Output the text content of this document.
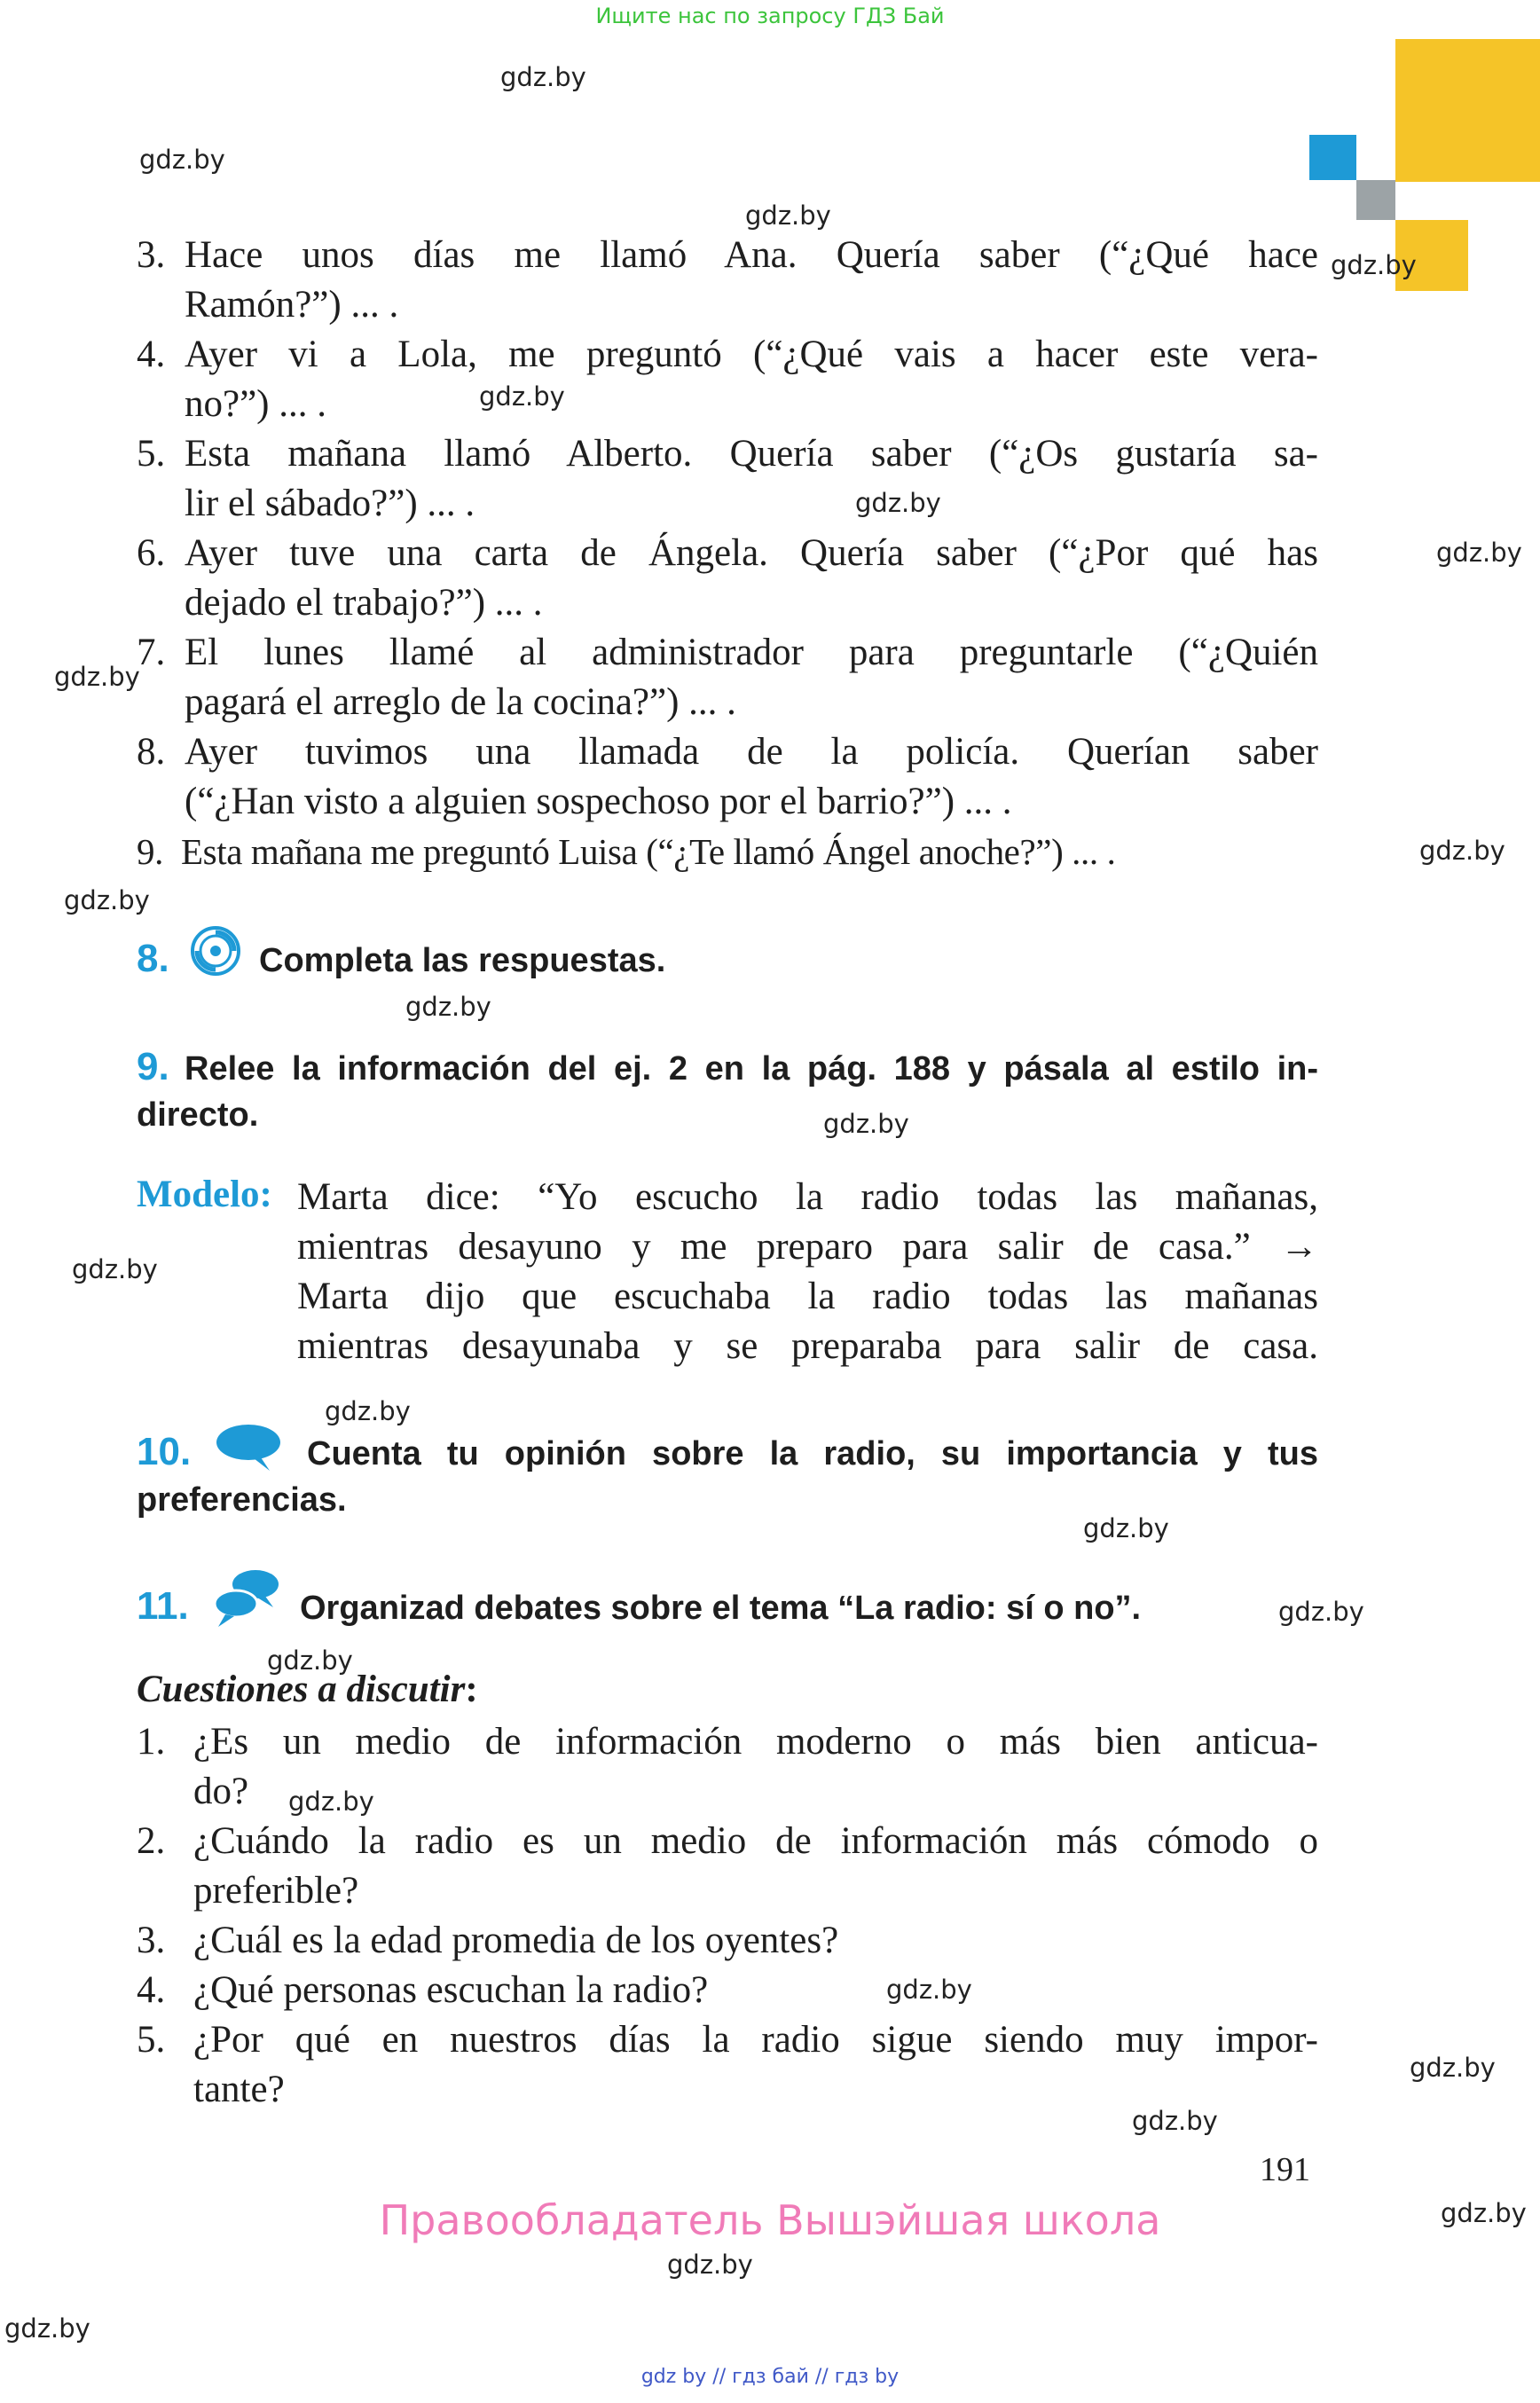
Ищите нас по запросу ГДЗ Бай
gdz.by
gdz.by
gdz.by
gdz.by
gdz.by
gdz.by
gdz.by
gdz.by
gdz.by
gdz.by
gdz.by
gdz.by
gdz.by
gdz.by
gdz.by
gdz.by
gdz.by
gdz.by
gdz.by
gdz.by
gdz.by
gdz.by
gdz.by
gdz.by
3. Hace unos días me llamó Ana. Quería saber (“¿Qué hace
Ramón?”) ... .
4. Ayer vi a Lola, me preguntó (“¿Qué vais a hacer este vera-
no?”) ... .
5. Esta mañana llamó Alberto. Quería saber (“¿Os gustaría sa-
lir el sábado?”) ... .
6. Ayer tuve una carta de Ángela. Quería saber (“¿Por qué has
dejado el trabajo?”) ... .
7. El lunes llamé al administrador para preguntarle (“¿Quién
pagará el arreglo de la cocina?”) ... .
8. Ayer tuvimos una llamada de la policía. Querían saber
(“¿Han visto a alguien sospechoso por el barrio?”) ... .
9. Esta mañana me preguntó Luisa (“¿Te llamó Ángel anoche?”) ... .
8.	Completa las respuestas.
9. Relee la información del ej. 2 en la pág. 188 y pásala al estilo in-
directo.
Modelo: Marta dice: “Yo escucho la radio todas las mañanas,
mientras desayuno y me preparo para salir de casa.” →
Marta dijo que escuchaba la radio todas las mañanas
mientras desayunaba y se preparaba para salir de casa.
10.	Cuenta tu opinión sobre la radio, su importancia y tus
preferencias.
11.	Organizad debates sobre el tema “La radio: sí o no”.
Cuestiones a discutir:
1. ¿Es un medio de información moderno o más bien anticua-
do?
2. ¿Cuándo la radio es un medio de información más cómodo o
preferible?
3. ¿Cuál es la edad promedia de los oyentes?
4. ¿Qué personas escuchan la radio?
5. ¿Por qué en nuestros días la radio sigue siendo muy impor-
tante?
191
Правообладатель Вышэйшая школа
gdz by // гдз бай // гдз by
